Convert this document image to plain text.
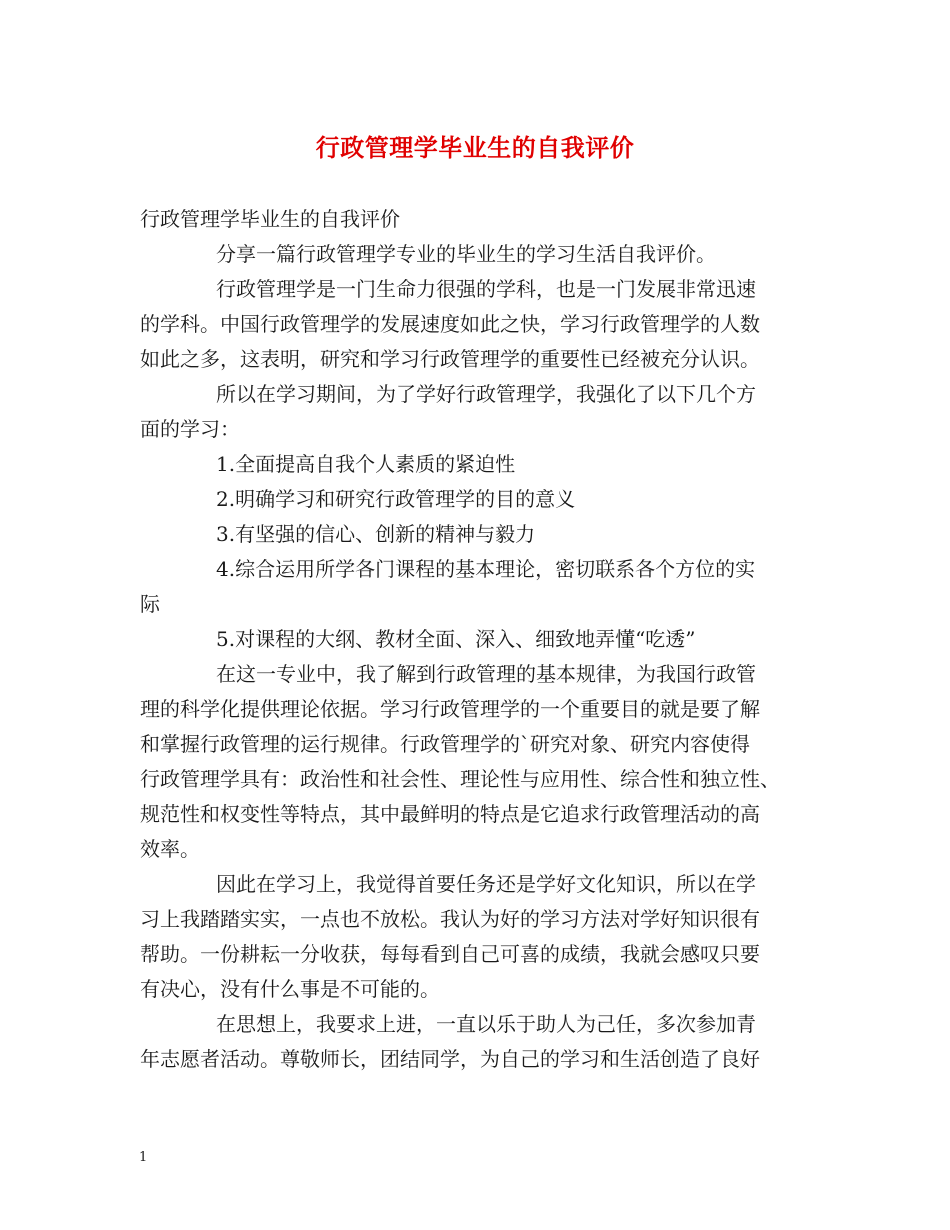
行政管理学毕业生的自我评价

行政管理学毕业生的自我评价

分享一篇行政管理学专业的毕业生的学习生活自我评价。

行政管理学是一门生命力很强的学科，也是一门发展非常迅速

的学科。中国行政管理学的发展速度如此之快，学习行政管理学的人数

如此之多，这表明，研究和学习行政管理学的重要性已经被充分认识。

所以在学习期间，为了学好行政管理学，我强化了以下几个方

面的学习：

1.全面提高自我个人素质的紧迫性

2.明确学习和研究行政管理学的目的意义

3.有坚强的信心、创新的精神与毅力

4.综合运用所学各门课程的基本理论，密切联系各个方位的实

际

5.对课程的大纲、教材全面、深入、细致地弄懂“吃透”

在这一专业中，我了解到行政管理的基本规律，为我国行政管

理的科学化提供理论依据。学习行政管理学的一个重要目的就是要了解

和掌握行政管理的运行规律。行政管理学的`研究对象、研究内容使得

行政管理学具有：政治性和社会性、理论性与应用性、综合性和独立性、

规范性和权变性等特点，其中最鲜明的特点是它追求行政管理活动的高

效率。

因此在学习上，我觉得首要任务还是学好文化知识，所以在学

习上我踏踏实实，一点也不放松。我认为好的学习方法对学好知识很有

帮助。一份耕耘一分收获，每每看到自己可喜的成绩，我就会感叹只要

有决心，没有什么事是不可能的。

在思想上，我要求上进，一直以乐于助人为己任，多次参加青

年志愿者活动。尊敬师长，团结同学，为自己的学习和生活创造了良好

1
